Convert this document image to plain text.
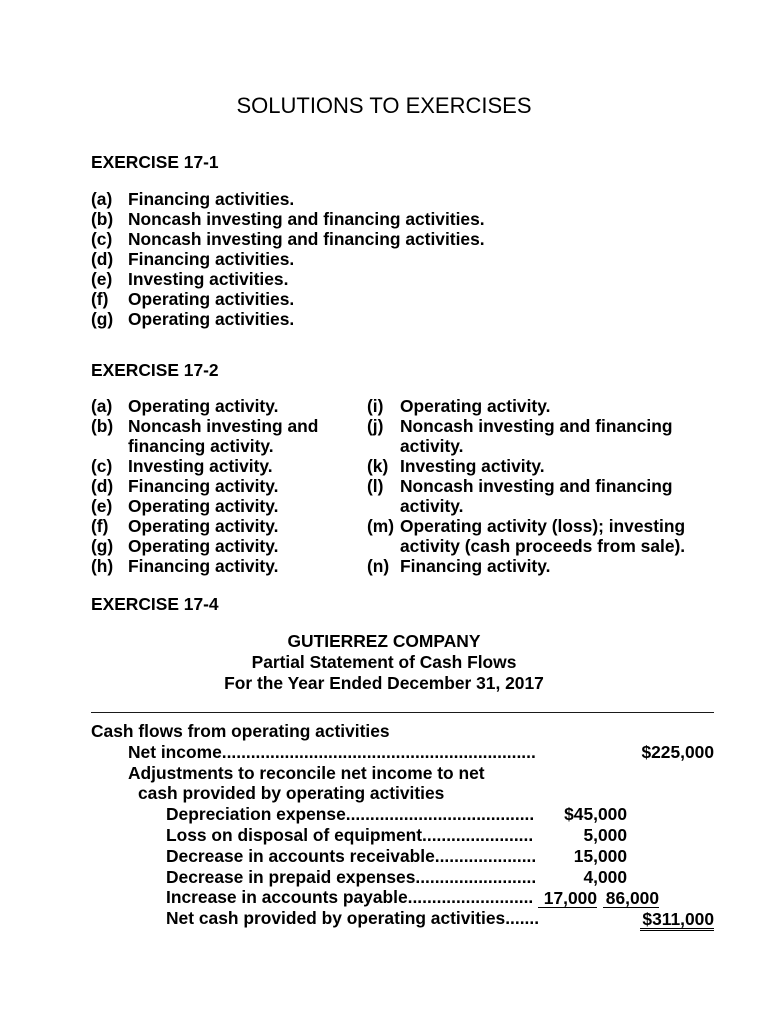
SOLUTIONS TO EXERCISES
EXERCISE 17-1
(a) Financing activities.
(b) Noncash investing and financing activities.
(c) Noncash investing and financing activities.
(d) Financing activities.
(e) Investing activities.
(f) Operating activities.
(g) Operating activities.
EXERCISE 17-2
(a) Operating activity.
(b) Noncash investing and
financing activity.
(c) Investing activity.
(d) Financing activity.
(e) Operating activity.
(f) Operating activity.
(g) Operating activity.
(h) Financing activity.
(i) Operating activity.
(j) Noncash investing and financing
activity.
(k) Investing activity.
(l) Noncash investing and financing
activity.
(m) Operating activity (loss); investing
activity (cash proceeds from sale).
(n) Financing activity.
EXERCISE 17-4
GUTIERREZ COMPANY
Partial Statement of Cash Flows
For the Year Ended December 31, 2017
Cash flows from operating activities
Net income.................................................................	$225,000
Adjustments to reconcile net income to net
cash provided by operating activities
Depreciation expense.......................................	$45,000
Loss on disposal of equipment.......................	5,000
Decrease in accounts receivable.....................	15,000
Decrease in prepaid expenses.........................	4,000
Increase in accounts payable.......................... 17,000 86,000
Net cash provided by operating activities.......	$311,000
